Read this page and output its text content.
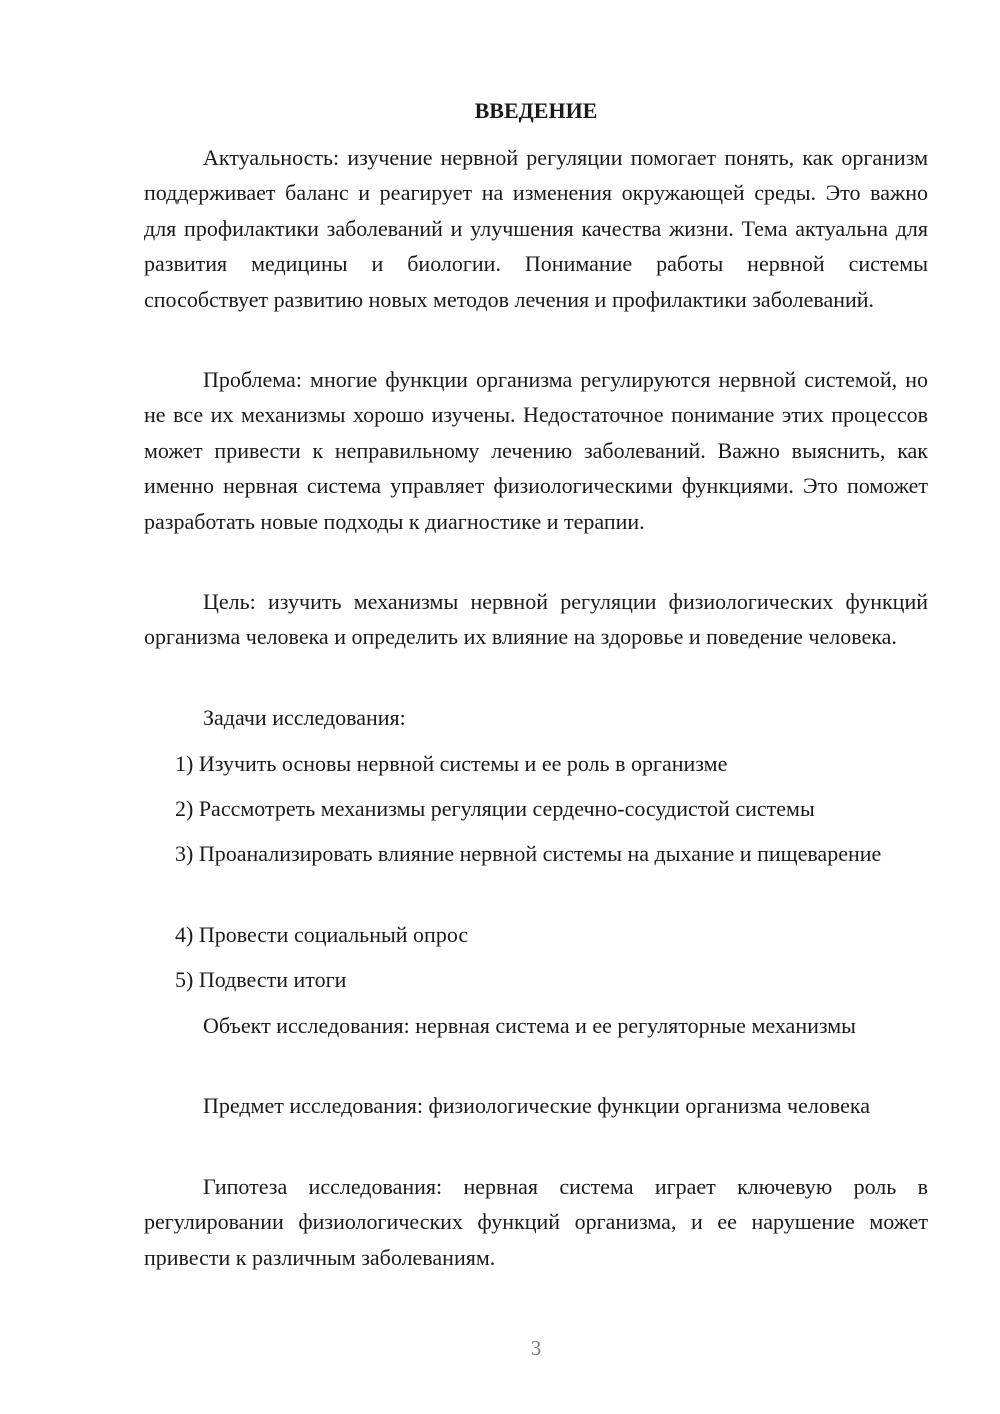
ВВЕДЕНИЕ

Актуальность: изучение нервной регуляции помогает понять, как организм поддерживает баланс и реагирует на изменения окружающей среды. Это важно для профилактики заболеваний и улучшения качества жизни. Тема актуальна для развития медицины и биологии. Понимание работы нервной системы способствует развитию новых методов лечения и профилактики заболеваний.

Проблема: многие функции организма регулируются нервной системой, но не все их механизмы хорошо изучены. Недостаточное понимание этих процессов может привести к неправильному лечению заболеваний. Важно выяснить, как именно нервная система управляет физиологическими функциями. Это поможет разработать новые подходы к диагностике и терапии.

Цель: изучить механизмы нервной регуляции физиологических функций организма человека и определить их влияние на здоровье и поведение человека.

Задачи исследования:

1) Изучить основы нервной системы и ее роль в организме

2) Рассмотреть механизмы регуляции сердечно-сосудистой системы

3) Проанализировать влияние нервной системы на дыхание и пищеварение

4) Провести социальный опрос

5) Подвести итоги

Объект исследования: нервная система и ее регуляторные механизмы

Предмет исследования: физиологические функции организма человека

Гипотеза исследования: нервная система играет ключевую роль в регулировании физиологических функций организма, и ее нарушение может привести к различным заболеваниям.

3
